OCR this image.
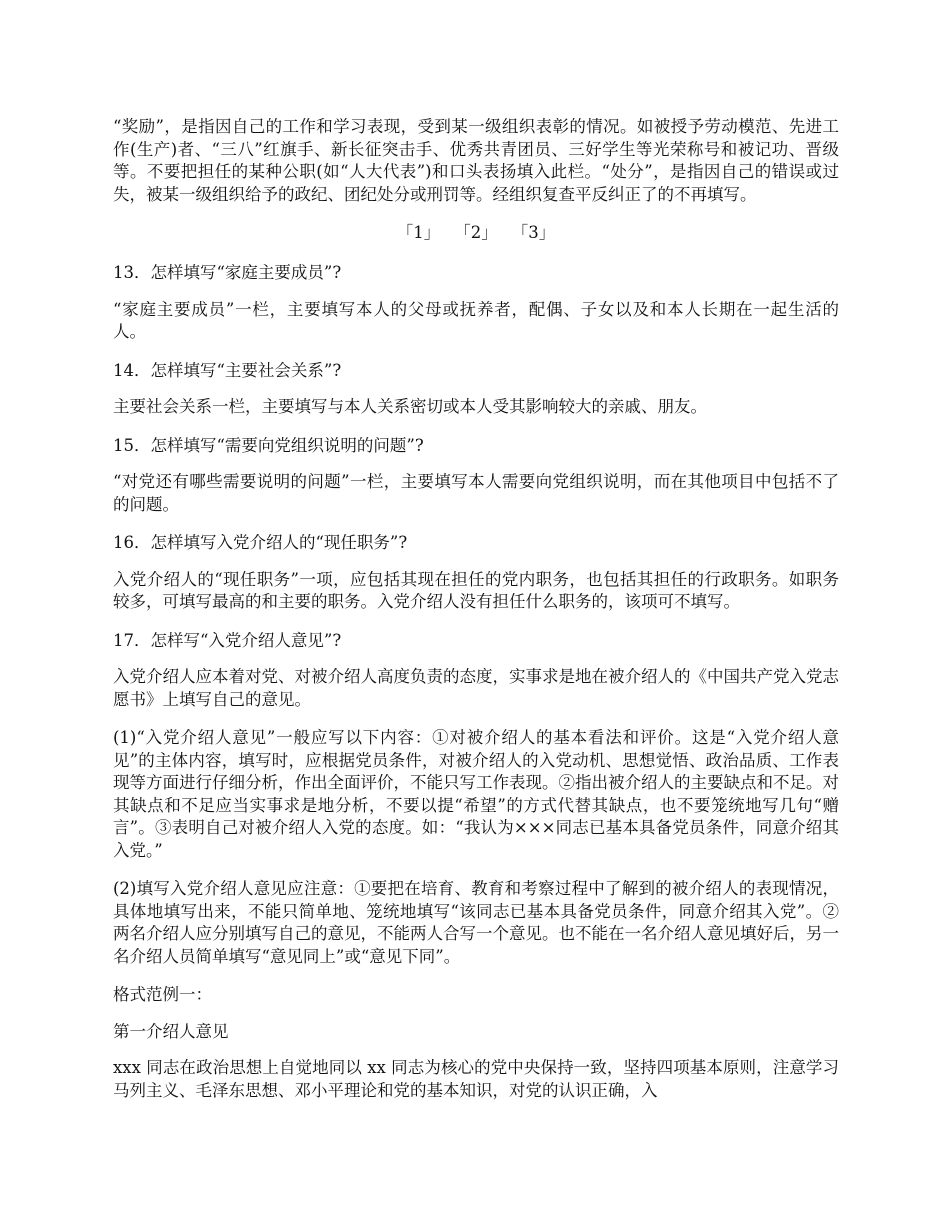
“奖励”，是指因自己的工作和学习表现，受到某一级组织表彰的情况。如被授予劳动模范、先进工作(生产)者、“三八”红旗手、新长征突击手、优秀共青团员、三好学生等光荣称号和被记功、晋级等。不要把担任的某种公职(如“人大代表”)和口头表扬填入此栏。“处分”，是指因自己的错误或过失，被某一级组织给予的政纪、团纪处分或刑罚等。经组织复查平反纠正了的不再填写。

「1」 「2」 「3」

13．怎样填写“家庭主要成员”?

“家庭主要成员”一栏，主要填写本人的父母或抚养者，配偶、子女以及和本人长期在一起生活的人。

14．怎样填写“主要社会关系”?

主要社会关系一栏，主要填写与本人关系密切或本人受其影响较大的亲戚、朋友。

15．怎样填写“需要向党组织说明的问题”?

“对党还有哪些需要说明的问题”一栏，主要填写本人需要向党组织说明，而在其他项目中包括不了的问题。

16．怎样填写入党介绍人的“现任职务”?

入党介绍人的“现任职务”一项，应包括其现在担任的党内职务，也包括其担任的行政职务。如职务较多，可填写最高的和主要的职务。入党介绍人没有担任什么职务的，该项可不填写。

17．怎样写“入党介绍人意见”?

入党介绍人应本着对党、对被介绍人高度负责的态度，实事求是地在被介绍人的《中国共产党入党志愿书》上填写自己的意见。

(1)“入党介绍人意见”一般应写以下内容：①对被介绍人的基本看法和评价。这是“入党介绍人意见”的主体内容，填写时，应根据党员条件，对被介绍人的入党动机、思想觉悟、政治品质、工作表现等方面进行仔细分析，作出全面评价，不能只写工作表现。②指出被介绍人的主要缺点和不足。对其缺点和不足应当实事求是地分析，不要以提“希望”的方式代替其缺点，也不要笼统地写几句“赠言”。③表明自己对被介绍人入党的态度。如：“我认为×××同志已基本具备党员条件，同意介绍其入党。”

(2)填写入党介绍人意见应注意：①要把在培育、教育和考察过程中了解到的被介绍人的表现情况，具体地填写出来，不能只简单地、笼统地填写“该同志已基本具备党员条件，同意介绍其入党”。②两名介绍人应分别填写自己的意见，不能两人合写一个意见。也不能在一名介绍人意见填好后，另一名介绍人员简单填写“意见同上”或“意见下同”。

格式范例一：

第一介绍人意见

xxx 同志在政治思想上自觉地同以 xx 同志为核心的党中央保持一致，坚持四项基本原则，注意学习马列主义、毛泽东思想、邓小平理论和党的基本知识，对党的认识正确，入
